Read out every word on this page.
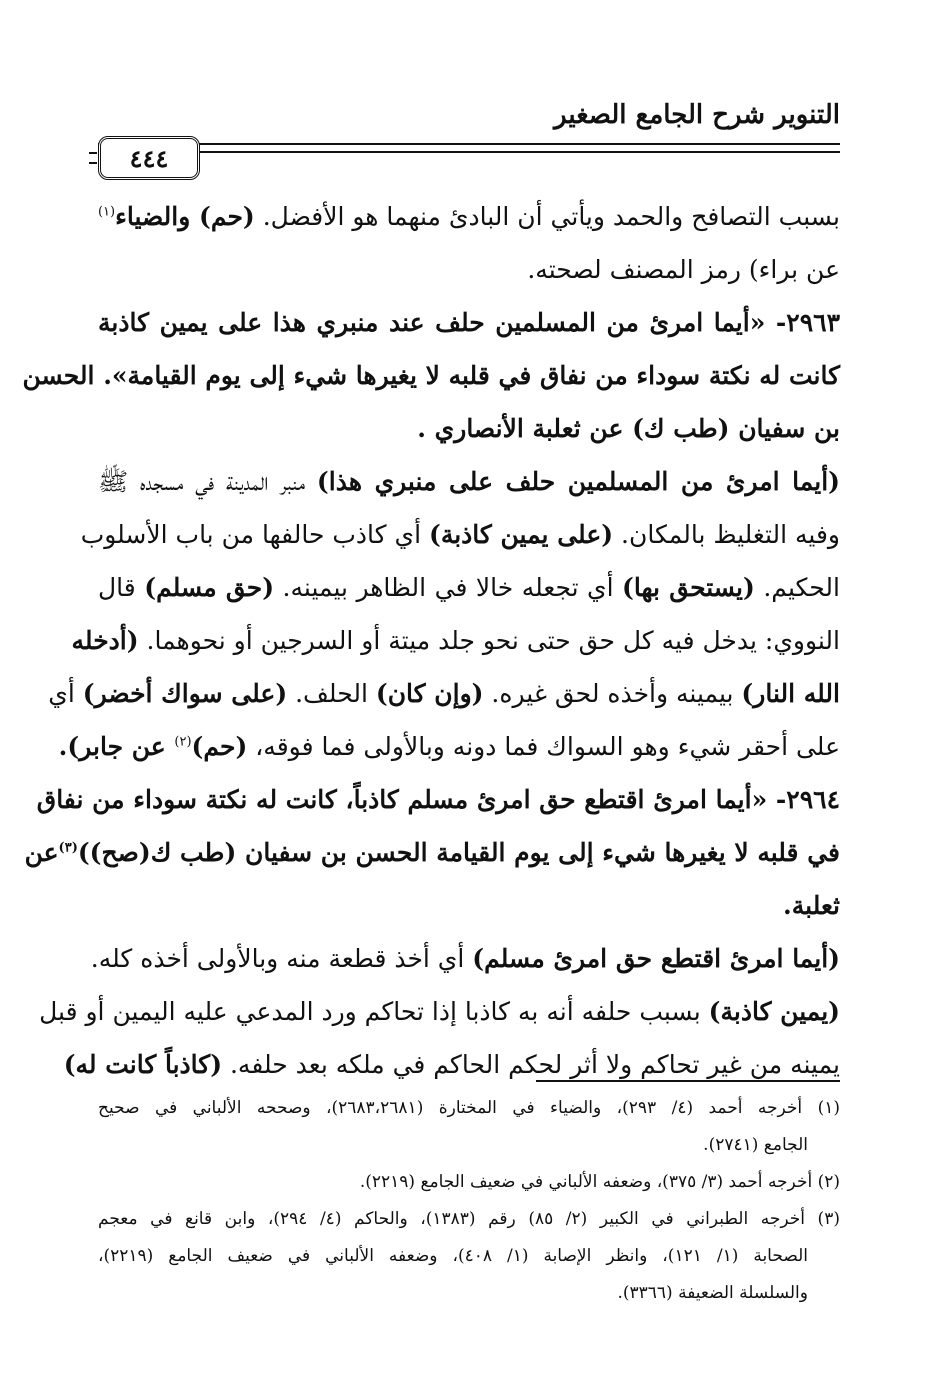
التنوير شرح الجامع الصغير
٤٤٤
بسبب التصافح والحمد ويأتي أن البادئ منهما هو الأفضل. (حم) والضياء$^{(١)}$
عن براء) رمز المصنف لصحته.
٢٩٦٣- «أيما امرئ من المسلمين حلف عند منبري هذا على يمين كاذبة
كانت له نكتة سوداء من نفاق في قلبه لا يغيرها شيء إلى يوم القيامة». الحسن
بن سفيان (طب ك) عن ثعلبة الأنصاري .
(أيما امرئ من المسلمين حلف على منبري هذا) منبر المدينة في مسجده ﷺ
وفيه التغليظ بالمكان. (على يمين كاذبة) أي كاذب حالفها من باب الأسلوب
الحكيم. (يستحق بها) أي تجعله خالا في الظاهر بيمينه. (حق مسلم) قال
النووي: يدخل فيه كل حق حتى نحو جلد ميتة أو السرجين أو نحوهما. (أدخله
الله النار) بيمينه وأخذه لحق غيره. (وإن كان) الحلف. (على سواك أخضر) أي
على أحقر شيء وهو السواك فما دونه وبالأولى فما فوقه، (حم)$^{(٢)}$ عن جابر).
٢٩٦٤- «أيما امرئ اقتطع حق امرئ مسلم كاذباً، كانت له نكتة سوداء من نفاق
في قلبه لا يغيرها شيء إلى يوم القيامة الحسن بن سفيان (طب ك(صح))$^{(٣)}$عن
ثعلبة.
(أيما امرئ اقتطع حق امرئ مسلم) أي أخذ قطعة منه وبالأولى أخذه كله.
(يمين كاذبة) بسبب حلفه أنه به كاذبا إذا تحاكم ورد المدعي عليه اليمين أو قبل
يمينه من غير تحاكم ولا أثر لحكم الحاكم في ملكه بعد حلفه. (كاذباً كانت له)
(١) أخرجه أحمد (٤/ ٢٩٣)، والضياء في المختارة (٢٦٨٣،٢٦٨١)، وصححه الألباني في صحيح
الجامع (٢٧٤١).
(٢) أخرجه أحمد (٣/ ٣٧٥)، وضعفه الألباني في ضعيف الجامع (٢٢١٩).
(٣) أخرجه الطبراني في الكبير (٢/ ٨٥) رقم (١٣٨٣)، والحاكم (٤/ ٢٩٤)، وابن قانع في معجم
الصحابة (١/ ١٢١)، وانظر الإصابة (١/ ٤٠٨)، وضعفه الألباني في ضعيف الجامع (٢٢١٩)،
والسلسلة الضعيفة (٣٣٦٦).
